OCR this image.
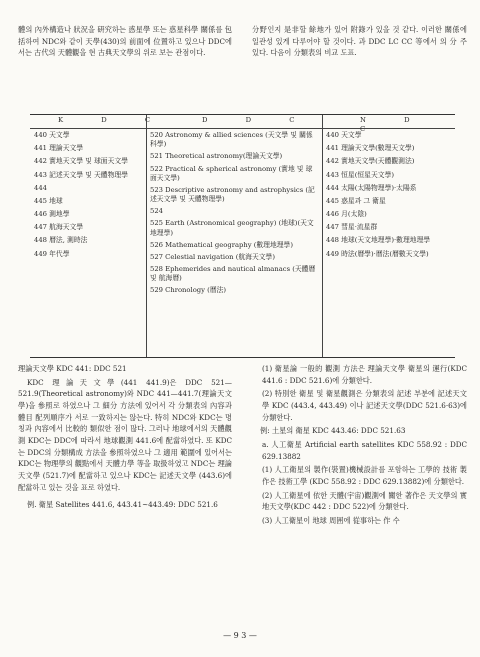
體의 內外構造나 狀況을 硏究하는 惑星學 또는 惑星科學 關係를 包括하여 NDC와 같이 天學(430)의 前面에 位置하고 있으나 DDC에서는 古代의 天體觀을 현 古典天文學의 위로 보는 관점이다.

分野인지 是非할 餘地가 있어 附錄가 있을 것 같다. 이러한 關係에 일관성 있게 다루어야 할 것이다. 과 DDC LC CC 等에서 의 分 주 있다. 다음이 分類表의 비교 도표.

K D C	D D C	N D C
440 天文學
441 理論天文學
442 實地天文學 및 球面天文學
443 記述天文學 및 天體物理學
444
445 地球
446 測地學
447 航海天文學
448 曆法, 測時法
449 年代學
520 Astronomy & allied sciences (天文學 및 關係科學)
521 Theoretical astronomy(理論天文學)
522 Practical & spherical astronomy (實地 및 球面天文學)
523 Descriptive astronomy and astrophysics (記述天文學 및 天體物理學)
524
525 Earth (Astronomical geography) (地球)(天文地理學)
526 Mathematical geography (數理地理學)
527 Celestial navigation (航海天文學)
528 Ephemerides and nautical almanacs (天體曆 및 航海曆)
529 Chronology (曆法)
440 天文學
441 理論天文學(數理天文學)
442 實地天文學(天體觀測法)
443 恒星(恒星天文學)
444 太陽(太陽物理學)·太陽系
445 惑星과 그 衛星
446 月(太陰)
447 彗星·流星群
448 地球(天文地理學)·數理地理學
449 時法(曆學)·曆法(曆數天文學)

理論天文學 KDC 441: DDC 521

KDC 理論天文學(441 441.9)은 DDC 521—521.9(Theoretical astronomy)와 NDC 441—441.7(理論天文學)을 參照로 하였으나 그 細分 方法에 있어서 각 分類表의 內容과 體目 配列順序가 서로 一致하지는 않는다. 特히 NDC와 KDC는 명칭과 內容에서 比較的 類似한 점이 많다. 그러나 地球에서의 天體觀測 KDC는 DDC에 따라서 地球觀測 441.6에 配當하였다. 또 KDC는 DDC의 分類構成 方法을 參照하였으나 그 適用 範圍에 있어서는 KDC는 物理學의 觀點에서 天體力學 等을 取扱하였고 NDC는 理論天文學 (521.7)에 配當하고 있으나 KDC는 記述天文學 (443.6)에 配當하고 있는 것을 표로 하였다.

例. 衛星 Satellites 441.6, 443.41~443.49: DDC 521.6

(1) 衛星論 一般的 觀測 方法은 理論天文學 衛星의 運行(KDC 441.6 : DDC 521.6)에 分類한다.

(2) 特別한 衛星 및 衛星觀測은 分類表의 記述 부분에 記述天文學 KDC (443.4, 443.49) 이나 記述天文學(DDC 521.6·63)에 分類한다.

例: 土星의 衛星 KDC 443.46: DDC 521.63

a. 人工衛星 Artificial earth satellites KDC 558.92 : DDC 629.13882

(1) 人工衛星의 製作(裝置)機械設計를 포함하는 工學的 技術 製作은 技術工學 (KDC 558.92 : DDC 629.13882)에 分類한다.

(2) 人工衛星에 依한 天體(宇宙)觀測에 關한 著作은 天文學의 實地天文學(KDC 442 : DDC 522)에 分類한다.

(3) 人工衛星이 地球 周囲에 從事하는 作 수

— 9 3 —
